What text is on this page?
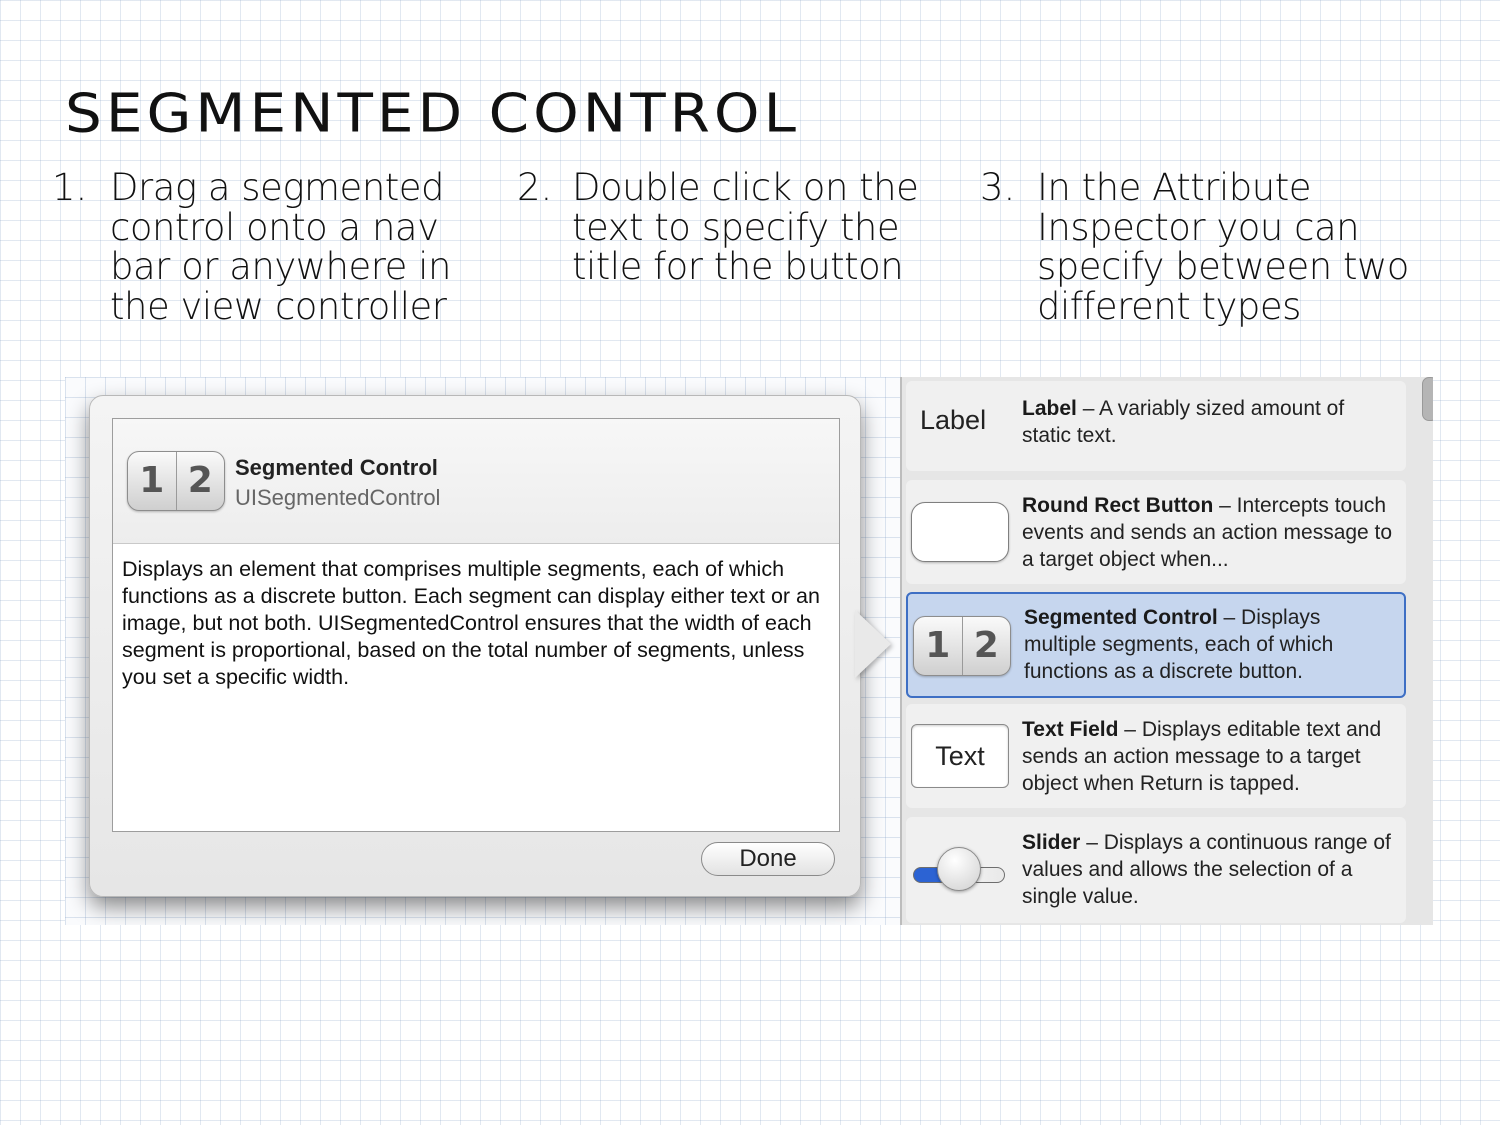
SEGMENTED CONTROL
1. Drag a segmented control onto a nav bar or anywhere in the view controller
2. Double click on the text to specify the title for the button
3. In the Attribute Inspector you can specify between two different types
1 2	Segmented Control
UISegmentedControl
Displays an element that comprises multiple segments, each of which functions as a discrete button. Each segment can display either text or an image, but not both. UISegmentedControl ensures that the width of each segment is proportional, based on the total number of segments, unless you set a specific width.
Done
Label Label – A variably sized amount of static text.
Round Rect Button – Intercepts touch events and sends an action message to a target object when...
1 2
Segmented Control – Displays multiple segments, each of which functions as a discrete button.
Text
Text Field – Displays editable text and sends an action message to a target object when Return is tapped.
Slider – Displays a continuous range of values and allows the selection of a single value.
